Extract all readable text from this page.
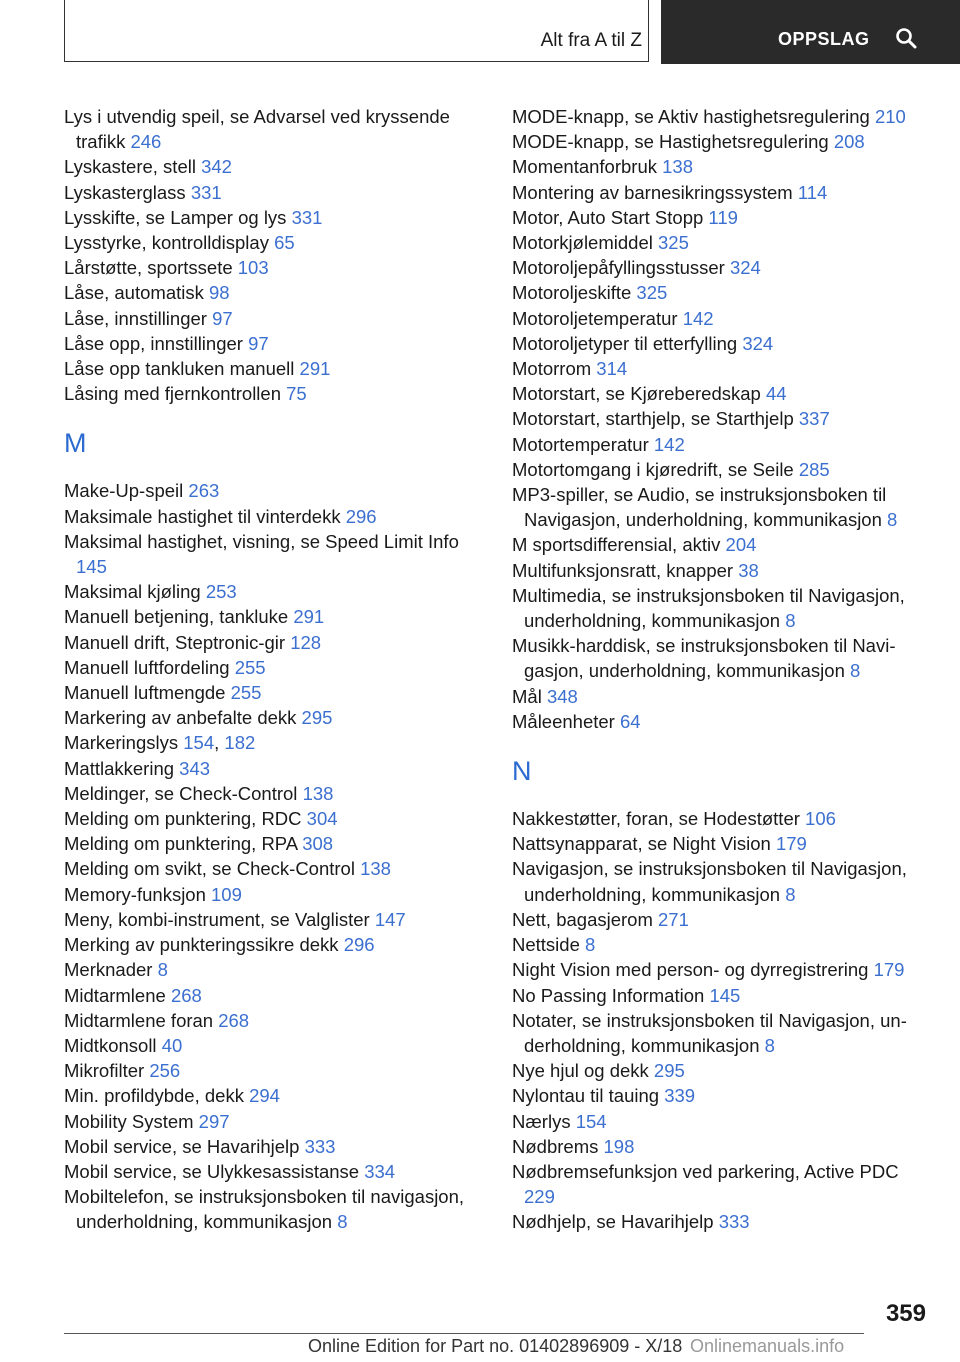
Alt fra A til Z	OPPSLAG
Lys i utvendig speil, se Advarsel ved kryssende trafikk 246
Lyskastere, stell 342
Lyskasterglass 331
Lysskifte, se Lamper og lys 331
Lysstyrke, kontrolldisplay 65
Lårstøtte, sportssete 103
Låse, automatisk 98
Låse, innstillinger 97
Låse opp, innstillinger 97
Låse opp tankluken manuell 291
Låsing med fjernkontrollen 75
M
Make-Up-speil 263
Maksimale hastighet til vinterdekk 296
Maksimal hastighet, visning, se Speed Limit Info 145
Maksimal kjøling 253
Manuell betjening, tankluke 291
Manuell drift, Steptronic-gir 128
Manuell luftfordeling 255
Manuell luftmengde 255
Markering av anbefalte dekk 295
Markeringslys 154, 182
Mattlakkering 343
Meldinger, se Check-Control 138
Melding om punktering, RDC 304
Melding om punktering, RPA 308
Melding om svikt, se Check-Control 138
Memory-funksjon 109
Meny, kombi-instrument, se Valglister 147
Merking av punkteringssikre dekk 296
Merknader 8
Midtarmlene 268
Midtarmlene foran 268
Midtkonsoll 40
Mikrofilter 256
Min. profildybde, dekk 294
Mobility System 297
Mobil service, se Havarihjelp 333
Mobil service, se Ulykkesassistanse 334
Mobiltelefon, se instruksjonsboken til navigasjon, underholdning, kommunikasjon 8
MODE-knapp, se Aktiv hastighetsregulering 210
MODE-knapp, se Hastighetsregulering 208
Momentanforbruk 138
Montering av barnesikringssystem 114
Motor, Auto Start Stopp 119
Motorkjølemiddel 325
Motoroljepåfyllingsstusser 324
Motoroljeskifte 325
Motoroljetemperatur 142
Motoroljetyper til etterfylling 324
Motorrom 314
Motorstart, se Kjøreberedskap 44
Motorstart, starthjelp, se Starthjelp 337
Motortemperatur 142
Motortomgang i kjøredrift, se Seile 285
MP3-spiller, se Audio, se instruksjonsboken til Navigasjon, underholdning, kommunikasjon 8
M sportsdifferensial, aktiv 204
Multifunksjonsratt, knapper 38
Multimedia, se instruksjonsboken til Navigasjon, underholdning, kommunikasjon 8
Musikk-harddisk, se instruksjonsboken til Navigasjon, underholdning, kommunikasjon 8
Mål 348
Måleenheter 64
N
Nakkestøtter, foran, se Hodestøtter 106
Nattsynapparat, se Night Vision 179
Navigasjon, se instruksjonsboken til Navigasjon, underholdning, kommunikasjon 8
Nett, bagasjerom 271
Nettside 8
Night Vision med person- og dyrregistrering 179
No Passing Information 145
Notater, se instruksjonsboken til Navigasjon, underholdning, kommunikasjon 8
Nye hjul og dekk 295
Nylontau til tauing 339
Nærlys 154
Nødbrems 198
Nødbremsefunksjon ved parkering, Active PDC 229
Nødhjelp, se Havarihjelp 333
359
Online Edition for Part no. 01402896909 - X/18 Onlinemanuals.info
